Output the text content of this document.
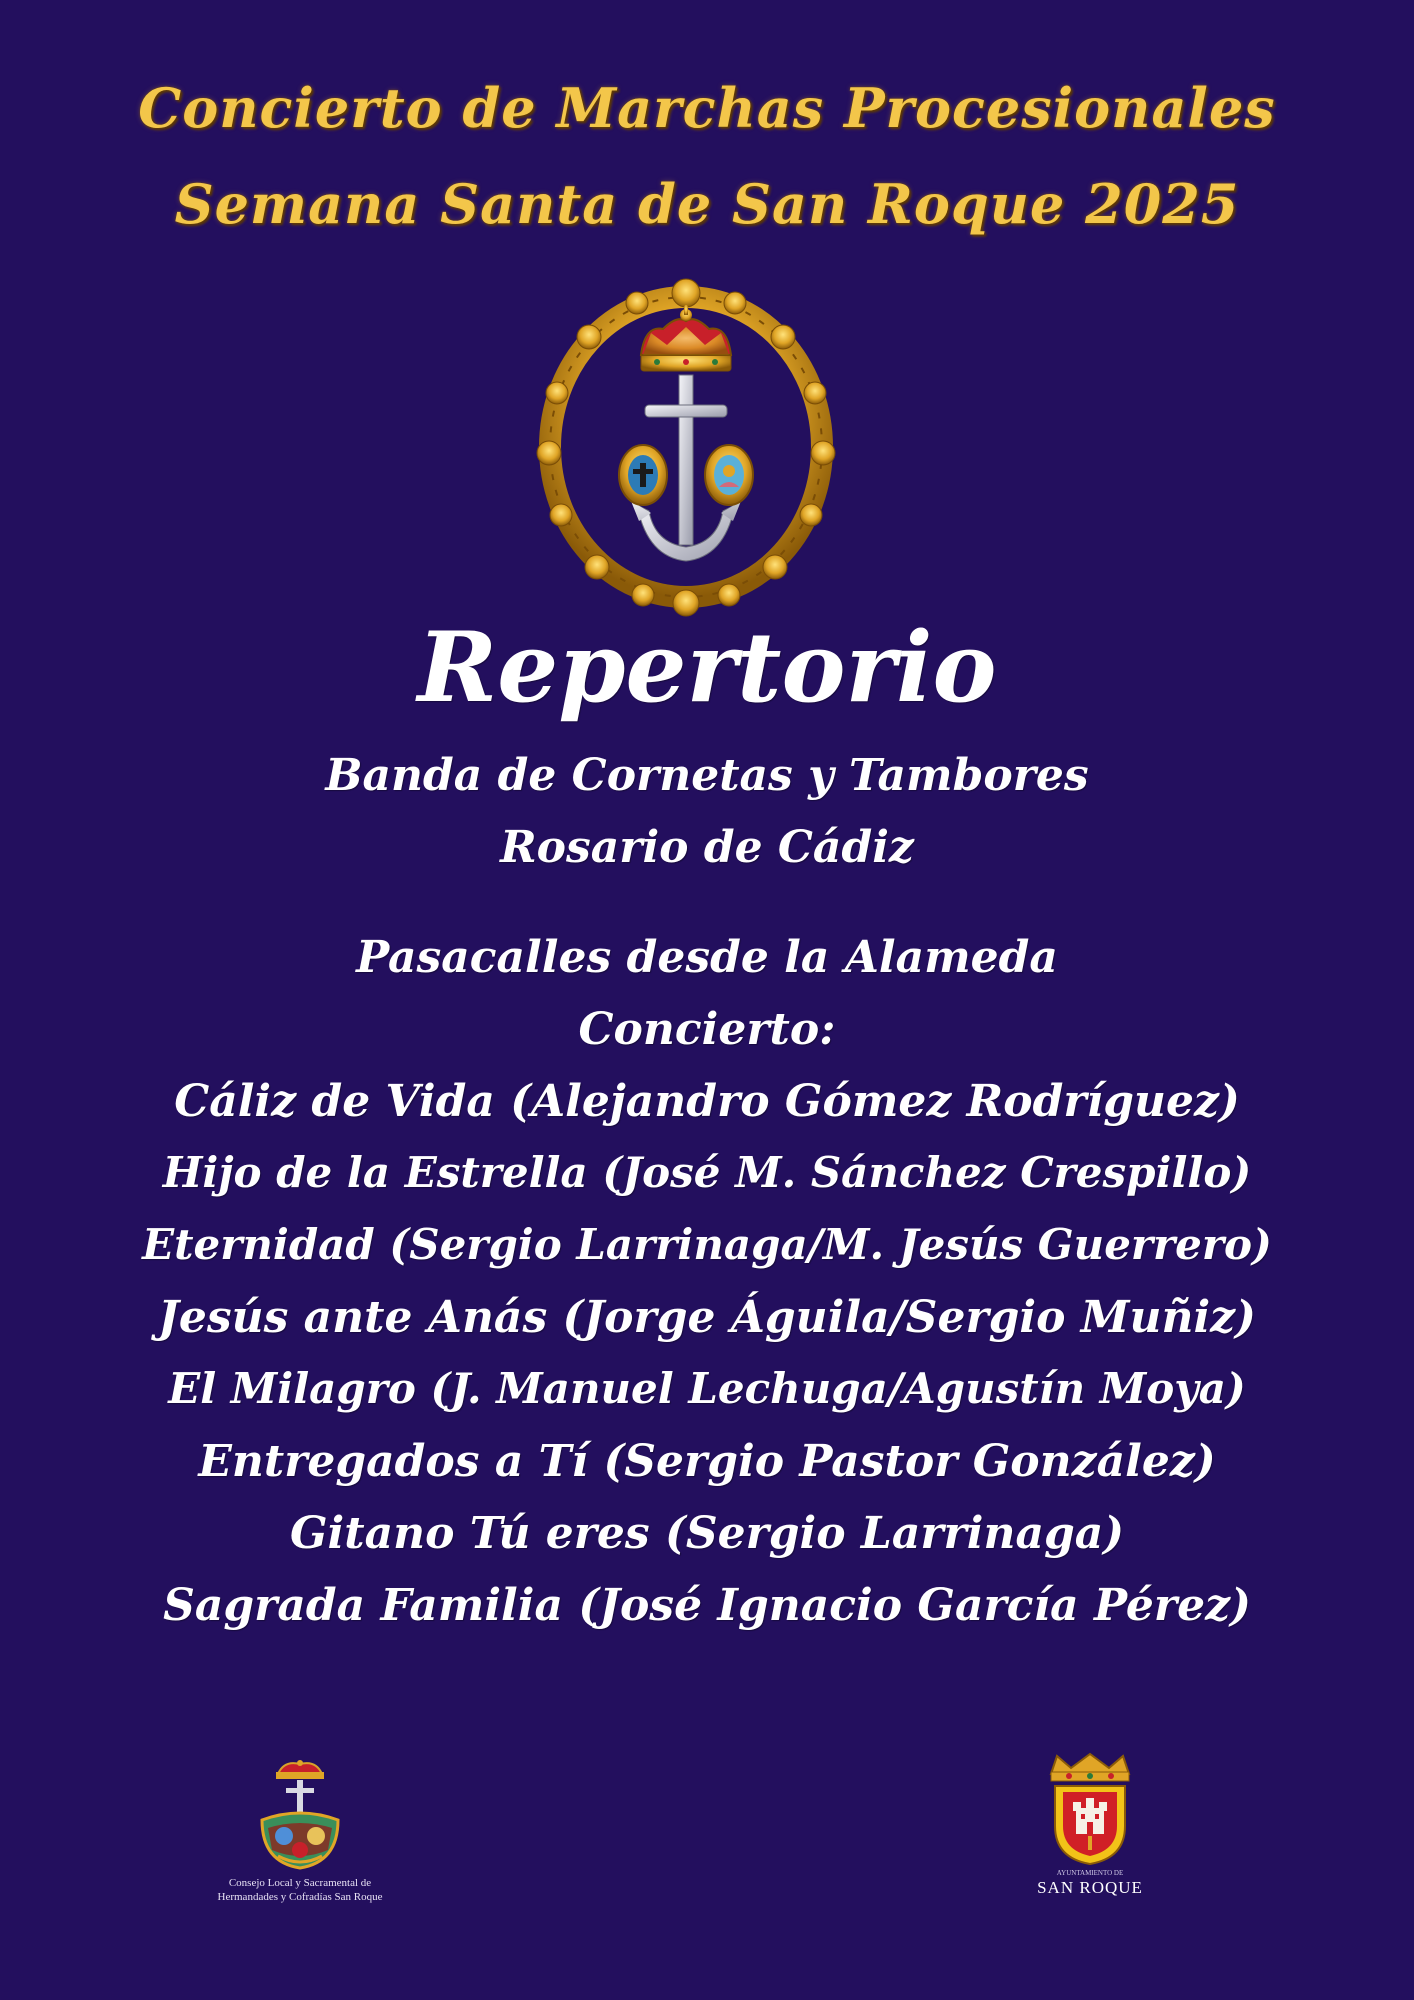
Concierto de Marchas Procesionales
Semana Santa de San Roque 2025
Repertorio
Banda de Cornetas y Tambores
Rosario de Cádiz
Pasacalles desde la Alameda
Concierto:
Cáliz de Vida (Alejandro Gómez Rodríguez)
Hijo de la Estrella (José M. Sánchez Crespillo)
Eternidad (Sergio Larrinaga/M. Jesús Guerrero)
Jesús ante Anás (Jorge Águila/Sergio Muñiz)
El Milagro (J. Manuel Lechuga/Agustín Moya)
Entregados a Tí (Sergio Pastor González)
Gitano Tú eres (Sergio Larrinaga)
Sagrada Familia (José Ignacio García Pérez)
Consejo Local y Sacramental de
Hermandades y Cofradías San Roque
AYUNTAMIENTO DE
SAN ROQUE
